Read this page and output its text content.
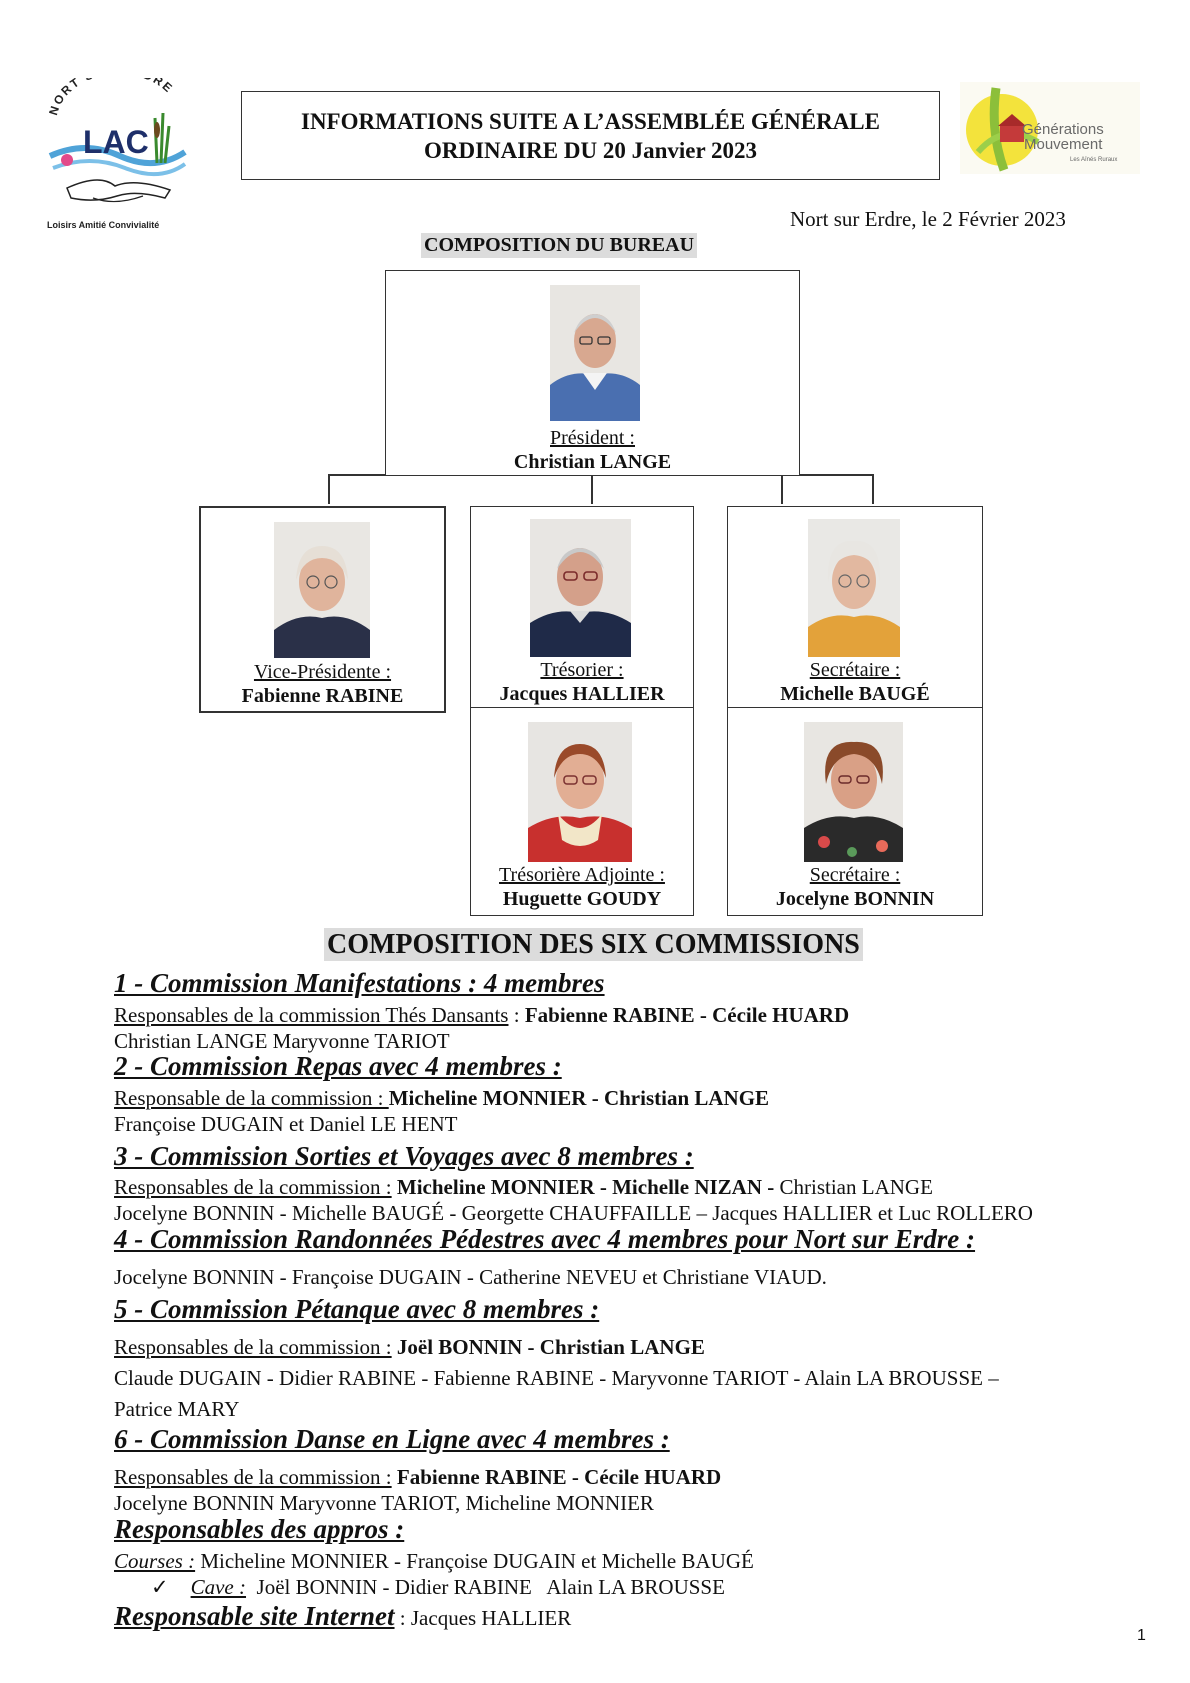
NORT RE
LAC
Loisirs Amitié Convivialité
INFORMATIONS SUITE A L’ASSEMBLÉE GÉNÉRALE
ORDINAIRE DU 20 Janvier 2023
Générations
Mouvement
Les Aînés Ruraux
Nort sur Erdre, le 2 Février 2023
COMPOSITION DU BUREAU
Président :
Christian LANGE
Vice-Présidente :
Fabienne RABINE
Trésorier :
Jacques HALLIER
Secrétaire :
Michelle BAUGÉ
Trésorière Adjointe :
Huguette GOUDY
Secrétaire :
Jocelyne BONNIN
COMPOSITION DES SIX COMMISSIONS
1 - Commission Manifestations : 4 membres
Responsables de la commission Thés Dansants : Fabienne RABINE - Cécile HUARD
Christian LANGE Maryvonne TARIOT
2 - Commission Repas avec 4 membres :
Responsable de la commission : Micheline MONNIER - Christian LANGE
Françoise DUGAIN et Daniel LE HENT
3 - Commission Sorties et Voyages avec 8 membres :
Responsables de la commission : Micheline MONNIER - Michelle NIZAN - Christian LANGE
Jocelyne BONNIN - Michelle BAUGÉ - Georgette CHAUFFAILLE – Jacques HALLIER et Luc ROLLERO
4 - Commission Randonnées Pédestres avec 4 membres pour Nort sur Erdre :
Jocelyne BONNIN - Françoise DUGAIN - Catherine NEVEU et Christiane VIAUD.
5 - Commission Pétanque avec 8 membres :
Responsables de la commission : Joël BONNIN - Christian LANGE
Claude DUGAIN - Didier RABINE - Fabienne RABINE - Maryvonne TARIOT - Alain LA BROUSSE –
Patrice MARY
6 - Commission Danse en Ligne avec 4 membres :
Responsables de la commission : Fabienne RABINE - Cécile HUARD
Jocelyne BONNIN Maryvonne TARIOT, Micheline MONNIER
Responsables des appros :
Courses : Micheline MONNIER - Françoise DUGAIN et Michelle BAUGÉ
✓ Cave :  Joël BONNIN - Didier RABINE   Alain LA BROUSSE
Responsable site Internet : Jacques HALLIER
1
